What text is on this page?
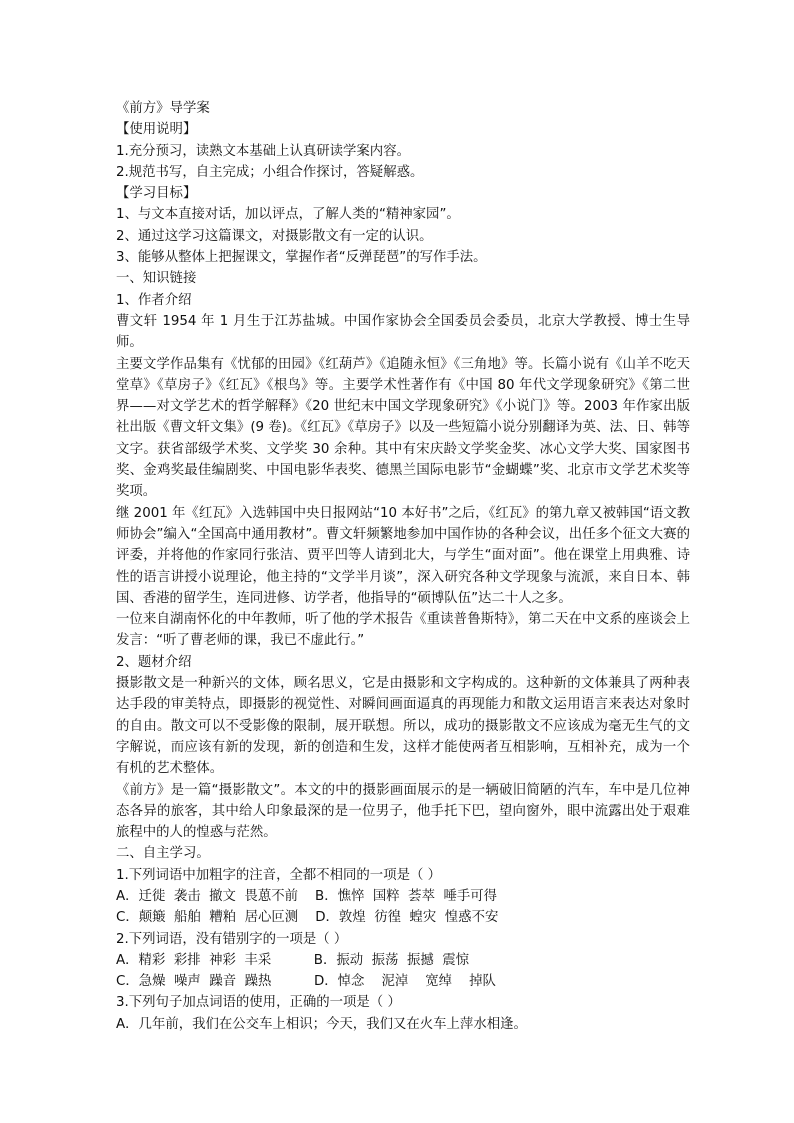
《前方》导学案
【使用说明】
1.充分预习，读熟文本基础上认真研读学案内容。
2.规范书写，自主完成；小组合作探讨，答疑解惑。
【学习目标】
1、与文本直接对话，加以评点，了解人类的“精神家园”。
2、通过这学习这篇课文，对摄影散文有一定的认识。
3、能够从整体上把握课文，掌握作者“反弹琵琶”的写作手法。
一、知识链接
1、作者介绍
曹文轩 1954 年 1 月生于江苏盐城。中国作家协会全国委员会委员，北京大学教授、博士生导师。
主要文学作品集有《忧郁的田园》《红葫芦》《追随永恒》《三角地》等。长篇小说有《山羊不吃天堂草》《草房子》《红瓦》《根鸟》等。主要学术性著作有《中国 80 年代文学现象研究》《第二世界——对文学艺术的哲学解释》《20 世纪末中国文学现象研究》《小说门》等。2003 年作家出版社出版《曹文轩文集》(9 卷)。《红瓦》《草房子》以及一些短篇小说分别翻译为英、法、日、韩等文字。获省部级学术奖、文学奖 30 余种。其中有宋庆龄文学奖金奖、冰心文学大奖、国家图书奖、金鸡奖最佳编剧奖、中国电影华表奖、德黑兰国际电影节“金蝴蝶”奖、北京市文学艺术奖等奖项。
继 2001 年《红瓦》入选韩国中央日报网站“10 本好书”之后，《红瓦》的第九章又被韩国“语文教师协会”编入“全国高中通用教材”。曹文轩频繁地参加中国作协的各种会议，出任多个征文大赛的评委，并将他的作家同行张洁、贾平凹等人请到北大，与学生“面对面”。他在课堂上用典雅、诗性的语言讲授小说理论，他主持的“文学半月谈”，深入研究各种文学现象与流派，来自日本、韩国、香港的留学生，连同进修、访学者，他指导的“硕博队伍”达二十人之多。
一位来自湖南怀化的中年教师，听了他的学术报告《重读普鲁斯特》，第二天在中文系的座谈会上发言：“听了曹老师的课，我已不虚此行。”
2、题材介绍
摄影散文是一种新兴的文体，顾名思义，它是由摄影和文字构成的。这种新的文体兼具了两种表达手段的审美特点，即摄影的视觉性、对瞬间画面逼真的再现能力和散文运用语言来表达对象时的自由。散文可以不受影像的限制，展开联想。所以，成功的摄影散文不应该成为毫无生气的文字解说，而应该有新的发现，新的创造和生发，这样才能使两者互相影响，互相补充，成为一个有机的艺术整体。
《前方》是一篇“摄影散文”。本文的中的摄影画面展示的是一辆破旧简陋的汽车，车中是几位神态各异的旅客，其中给人印象最深的是一位男子，他手托下巴，望向窗外，眼中流露出处于艰难旅程中的人的惶惑与茫然。
二、自主学习。
1.下列词语中加粗字的注音，全都不相同的一项是（ ）
A．迁徙  袭击  撤文  畏葸不前    B．憔悴  国粹  荟萃  唾手可得
C．颠簸  船舶  糟粕  居心叵测    D．敦煌  彷徨  蝗灾  惶惑不安
2.下列词语，没有错别字的一项是（ ）
A．精彩  彩排  神彩  丰采          B．振动  振荡  振撼  震惊
C．急燥  噪声  躁音  躁热          D．悼念    泥淖    宽绰    掉队
3.下列句子加点词语的使用，正确的一项是（ ）
A．几年前，我们在公交车上相识；今天，我们又在火车上萍水相逢。
